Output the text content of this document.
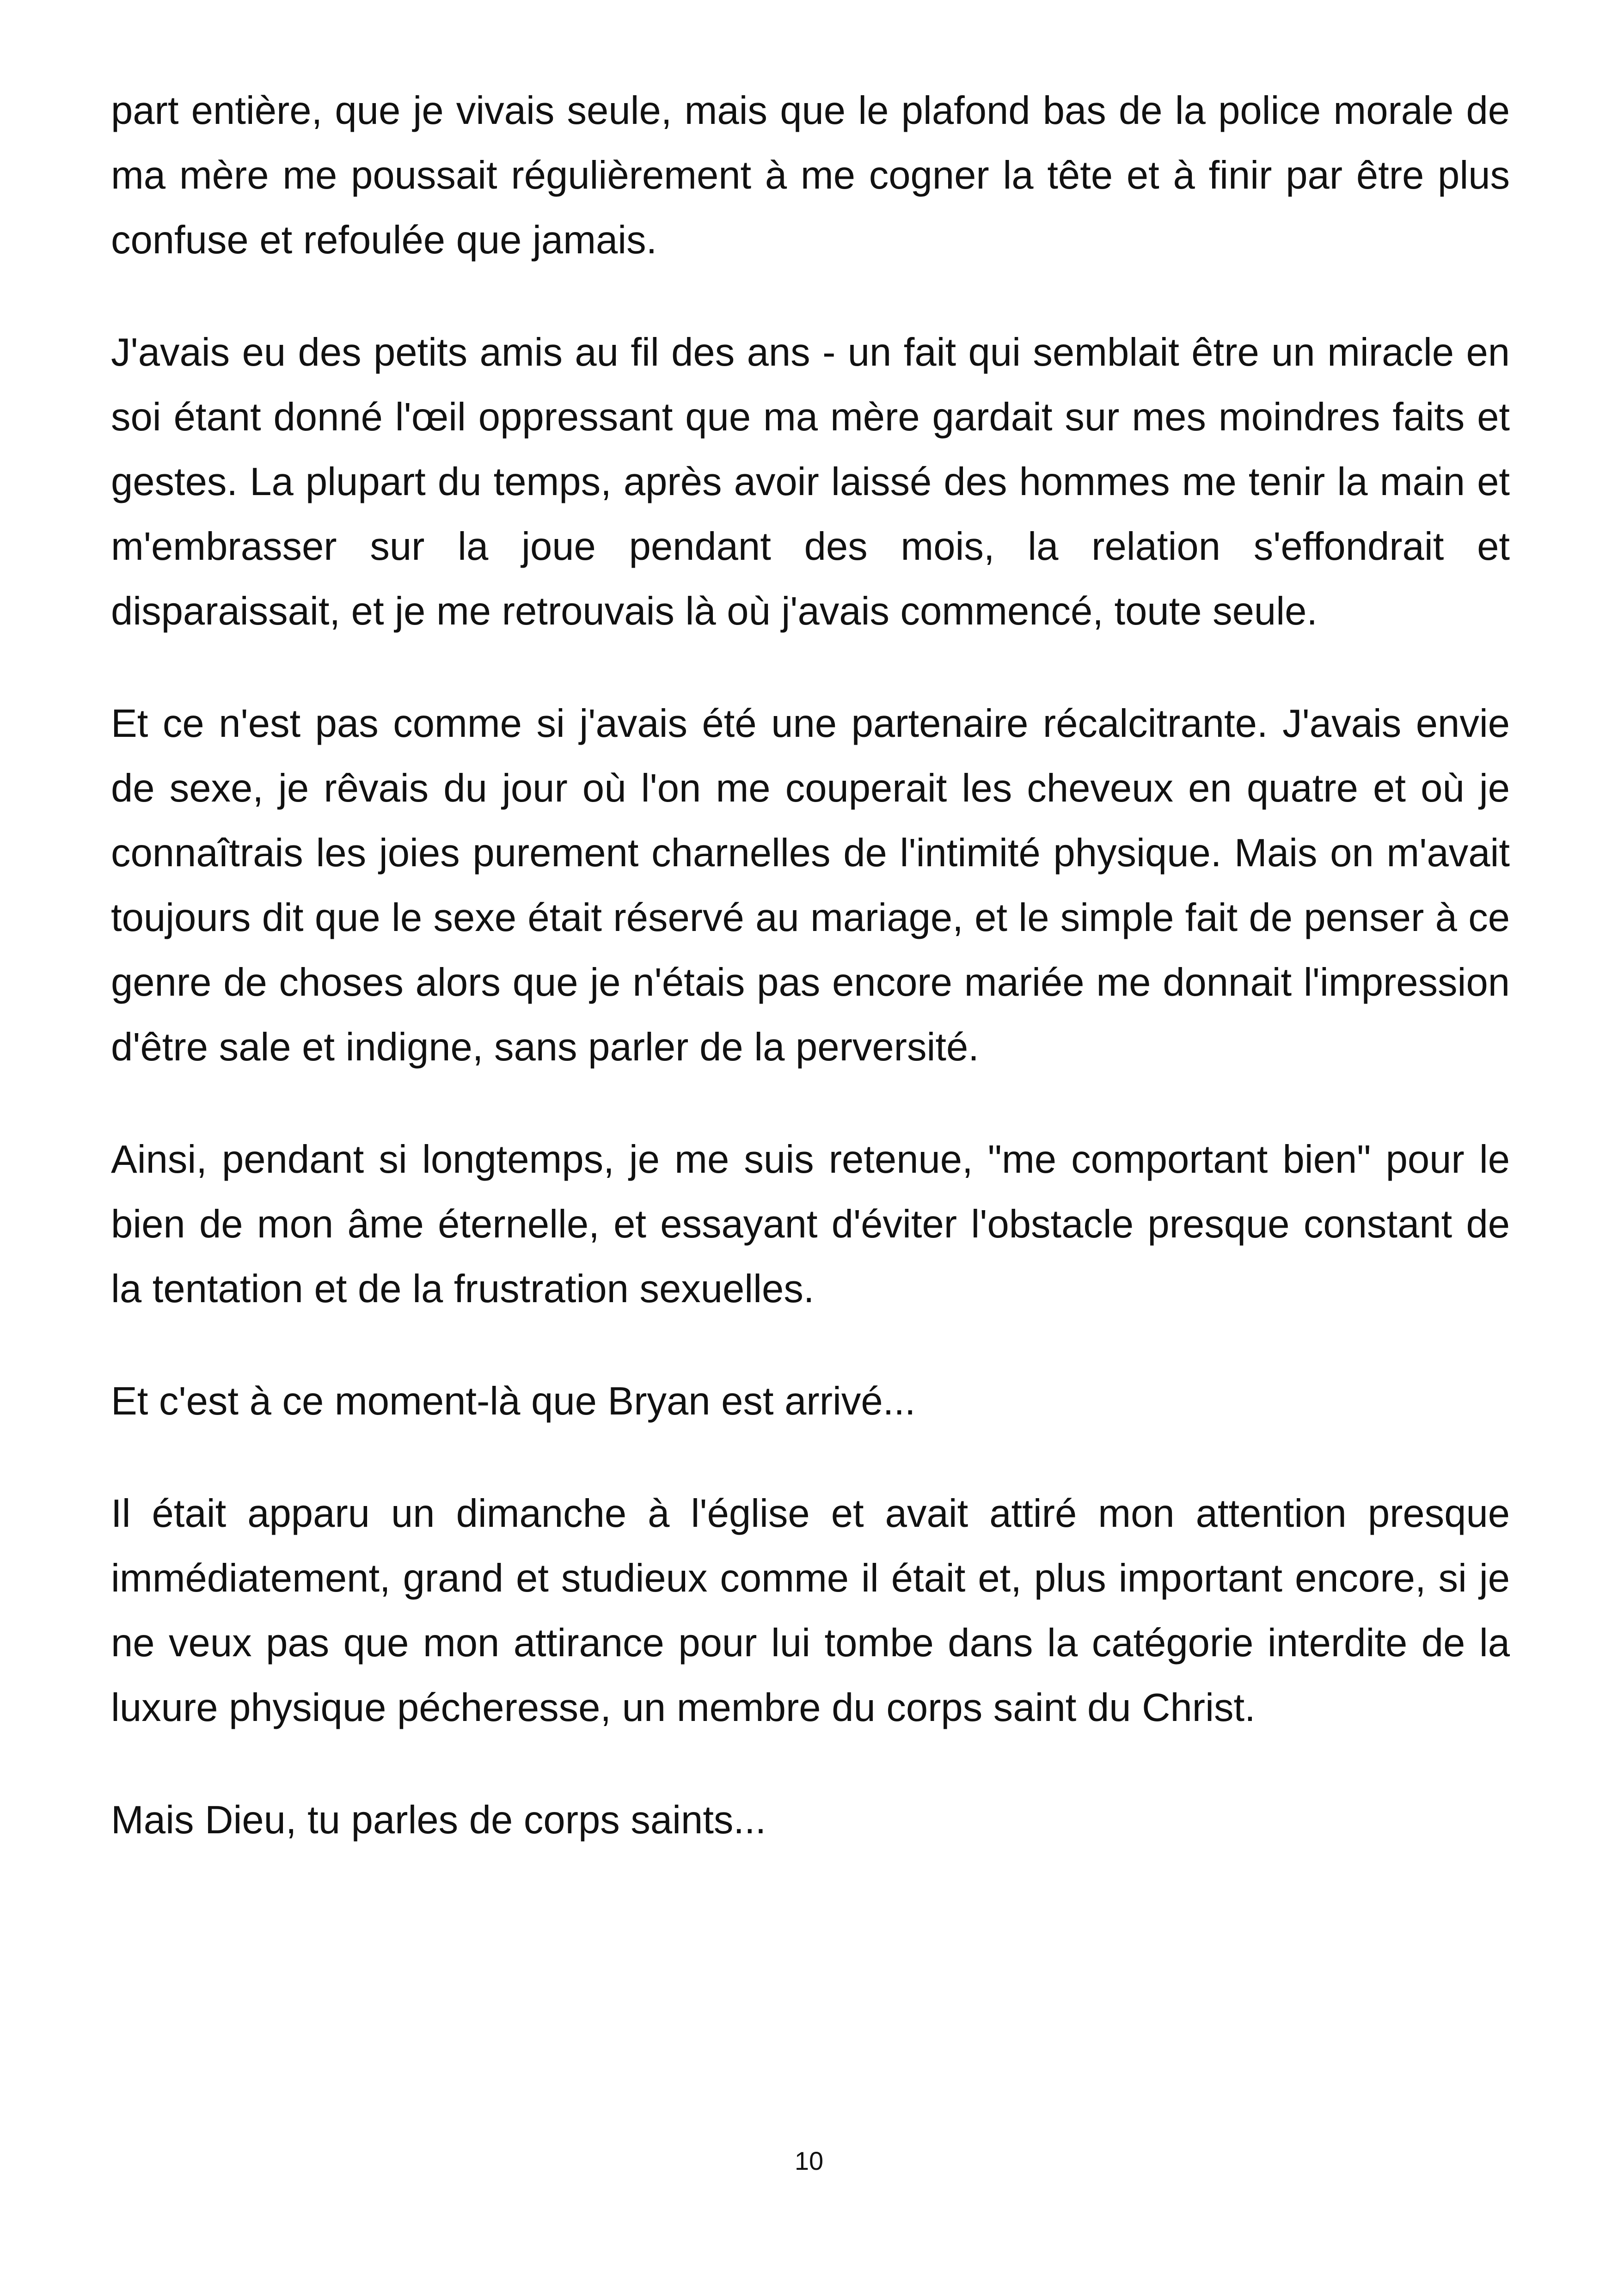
part entière, que je vivais seule, mais que le plafond bas de la police morale de ma mère me poussait régulièrement à me cogner la tête et à finir par être plus confuse et refoulée que jamais.

J'avais eu des petits amis au fil des ans - un fait qui semblait être un miracle en soi étant donné l'œil oppressant que ma mère gardait sur mes moindres faits et gestes. La plupart du temps, après avoir laissé des hommes me tenir la main et m'embrasser sur la joue pendant des mois, la relation s'effondrait et disparaissait, et je me retrouvais là où j'avais commencé, toute seule.

Et ce n'est pas comme si j'avais été une partenaire récalcitrante. J'avais envie de sexe, je rêvais du jour où l'on me couperait les cheveux en quatre et où je connaîtrais les joies purement charnelles de l'intimité physique. Mais on m'avait toujours dit que le sexe était réservé au mariage, et le simple fait de penser à ce genre de choses alors que je n'étais pas encore mariée me donnait l'impression d'être sale et indigne, sans parler de la perversité.

Ainsi, pendant si longtemps, je me suis retenue, "me comportant bien" pour le bien de mon âme éternelle, et essayant d'éviter l'obstacle presque constant de la tentation et de la frustration sexuelles.

Et c'est à ce moment-là que Bryan est arrivé...

Il était apparu un dimanche à l'église et avait attiré mon attention presque immédiatement, grand et studieux comme il était et, plus important encore, si je ne veux pas que mon attirance pour lui tombe dans la catégorie interdite de la luxure physique pécheresse, un membre du corps saint du Christ.

Mais Dieu, tu parles de corps saints...

10
